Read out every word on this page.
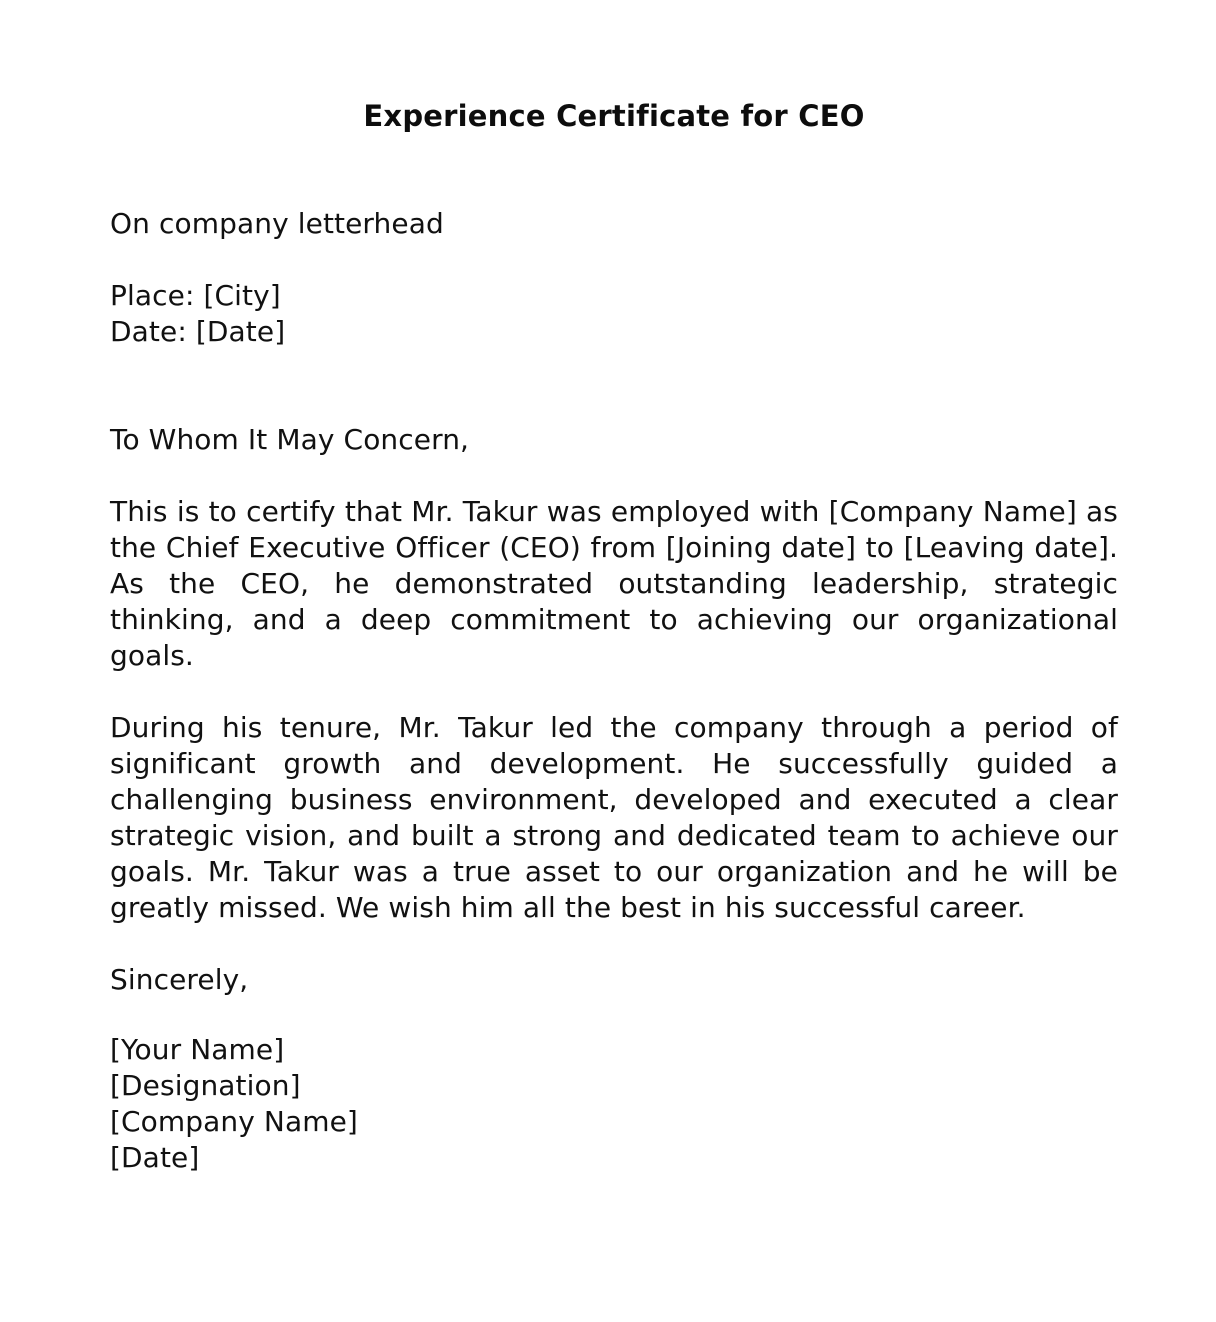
Experience Certificate for CEO

On company letterhead

Place: [City]

Date: [Date]

To Whom It May Concern,

This is to certify that Mr. Takur was employed with [Company Name] as the Chief Executive Officer (CEO) from [Joining date] to [Leaving date]. As the CEO, he demonstrated outstanding leadership, strategic thinking, and a deep commitment to achieving our organizational goals.

During his tenure, Mr. Takur led the company through a period of significant growth and development. He successfully guided a challenging business environment, developed and executed a clear strategic vision, and built a strong and dedicated team to achieve our goals. Mr. Takur was a true asset to our organization and he will be greatly missed. We wish him all the best in his successful career.

Sincerely,

[Your Name]

[Designation]

[Company Name]

[Date]
